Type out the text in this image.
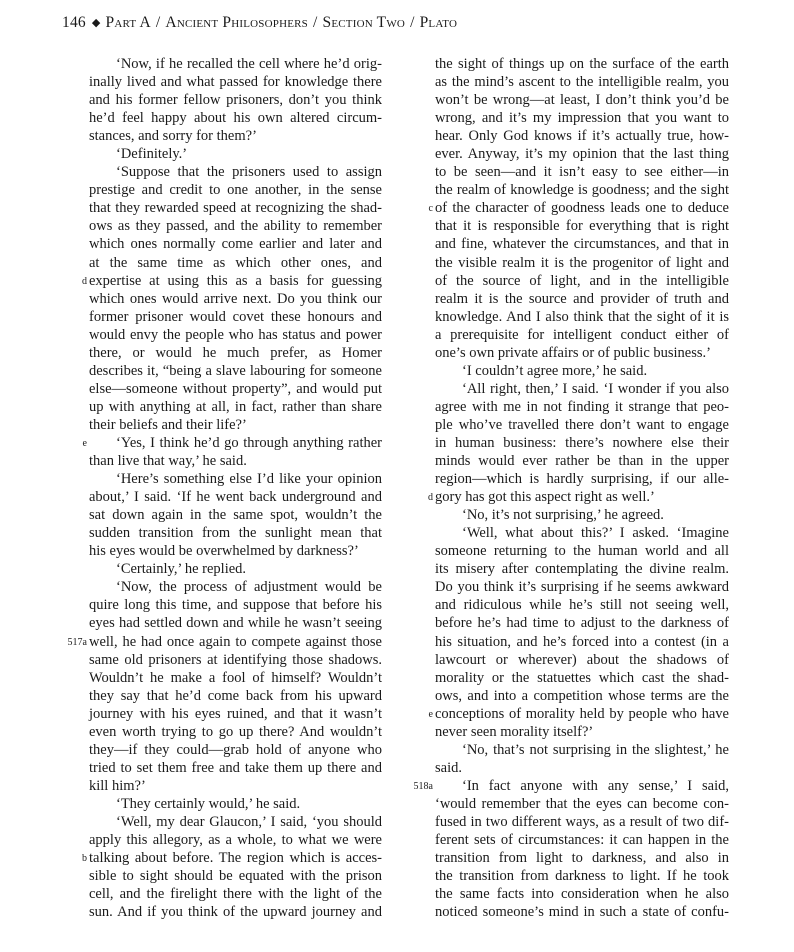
146 ◆ Part A / Ancient Philosophers / Section Two / Plato
‘Now, if he recalled the cell where he’d orig-
inally lived and what passed for knowledge there
and his former fellow prisoners, don’t you think
he’d feel happy about his own altered circum-
stances, and sorry for them?’
‘Definitely.’
‘Suppose that the prisoners used to assign
prestige and credit to one another, in the sense
that they rewarded speed at recognizing the shad-
ows as they passed, and the ability to remember
which ones normally come earlier and later and
at the same time as which other ones, and
expertise at using this as a basis for guessing
which ones would arrive next. Do you think our
former prisoner would covet these honours and
would envy the people who has status and power
there, or would he much prefer, as Homer
describes it, “being a slave labouring for someone
else—someone without property”, and would put
up with anything at all, in fact, rather than share
their beliefs and their life?’
‘Yes, I think he’d go through anything rather
than live that way,’ he said.
‘Here’s something else I’d like your opinion
about,’ I said. ‘If he went back underground and
sat down again in the same spot, wouldn’t the
sudden transition from the sunlight mean that
his eyes would be overwhelmed by darkness?’
‘Certainly,’ he replied.
‘Now, the process of adjustment would be
quire long this time, and suppose that before his
eyes had settled down and while he wasn’t seeing
well, he had once again to compete against those
same old prisoners at identifying those shadows.
Wouldn’t he make a fool of himself? Wouldn’t
they say that he’d come back from his upward
journey with his eyes ruined, and that it wasn’t
even worth trying to go up there? And wouldn’t
they—if they could—grab hold of anyone who
tried to set them free and take them up there and
kill him?’
‘They certainly would,’ he said.
‘Well, my dear Glaucon,’ I said, ‘you should
apply this allegory, as a whole, to what we were
talking about before. The region which is acces-
sible to sight should be equated with the prison
cell, and the firelight there with the light of the
sun. And if you think of the upward journey and
the sight of things up on the surface of the earth
as the mind’s ascent to the intelligible realm, you
won’t be wrong—at least, I don’t think you’d be
wrong, and it’s my impression that you want to
hear. Only God knows if it’s actually true, how-
ever. Anyway, it’s my opinion that the last thing
to be seen—and it isn’t easy to see either—in
the realm of knowledge is goodness; and the sight
of the character of goodness leads one to deduce
that it is responsible for everything that is right
and fine, whatever the circumstances, and that in
the visible realm it is the progenitor of light and
of the source of light, and in the intelligible
realm it is the source and provider of truth and
knowledge. And I also think that the sight of it is
a prerequisite for intelligent conduct either of
one’s own private affairs or of public business.’
‘I couldn’t agree more,’ he said.
‘All right, then,’ I said. ‘I wonder if you also
agree with me in not finding it strange that peo-
ple who’ve travelled there don’t want to engage
in human business: there’s nowhere else their
minds would ever rather be than in the upper
region—which is hardly surprising, if our alle-
gory has got this aspect right as well.’
‘No, it’s not surprising,’ he agreed.
‘Well, what about this?’ I asked. ‘Imagine
someone returning to the human world and all
its misery after contemplating the divine realm.
Do you think it’s surprising if he seems awkward
and ridiculous while he’s still not seeing well,
before he’s had time to adjust to the darkness of
his situation, and he’s forced into a contest (in a
lawcourt or wherever) about the shadows of
morality or the statuettes which cast the shad-
ows, and into a competition whose terms are the
conceptions of morality held by people who have
never seen morality itself?’
‘No, that’s not surprising in the slightest,’ he
said.
‘In fact anyone with any sense,’ I said,
‘would remember that the eyes can become con-
fused in two different ways, as a result of two dif-
ferent sets of circumstances: it can happen in the
transition from light to darkness, and also in
the transition from darkness to light. If he took
the same facts into consideration when he also
noticed someone’s mind in such a state of confu-
d
e
517a
b
c
d
e
518a
